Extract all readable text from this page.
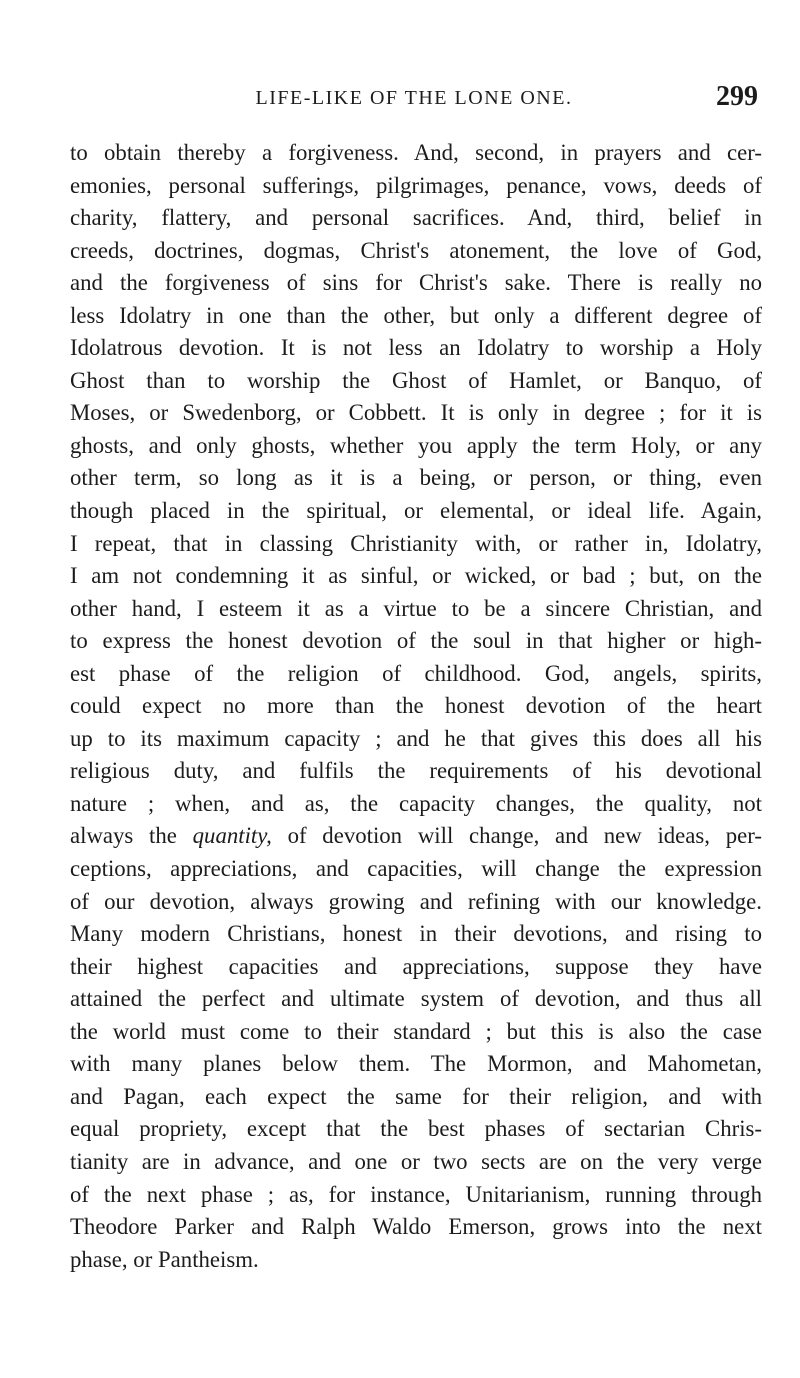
LIFE-LIKE OF THE LONE ONE.	299
to obtain thereby a forgiveness. And, second, in prayers and cer-
emonies, personal sufferings, pilgrimages, penance, vows, deeds of
charity, flattery, and personal sacrifices. And, third, belief in
creeds, doctrines, dogmas, Christ's atonement, the love of God,
and the forgiveness of sins for Christ's sake. There is really no
less Idolatry in one than the other, but only a different degree of
Idolatrous devotion. It is not less an Idolatry to worship a Holy
Ghost than to worship the Ghost of Hamlet, or Banquo, of
Moses, or Swedenborg, or Cobbett. It is only in degree ; for it is
ghosts, and only ghosts, whether you apply the term Holy, or any
other term, so long as it is a being, or person, or thing, even
though placed in the spiritual, or elemental, or ideal life. Again,
I repeat, that in classing Christianity with, or rather in, Idolatry,
I am not condemning it as sinful, or wicked, or bad ; but, on the
other hand, I esteem it as a virtue to be a sincere Christian, and
to express the honest devotion of the soul in that higher or high-
est phase of the religion of childhood. God, angels, spirits,
could expect no more than the honest devotion of the heart
up to its maximum capacity ; and he that gives this does all his
religious duty, and fulfils the requirements of his devotional
nature ; when, and as, the capacity changes, the quality, not
always the quantity, of devotion will change, and new ideas, per-
ceptions, appreciations, and capacities, will change the expression
of our devotion, always growing and refining with our knowledge.
Many modern Christians, honest in their devotions, and rising to
their highest capacities and appreciations, suppose they have
attained the perfect and ultimate system of devotion, and thus all
the world must come to their standard ; but this is also the case
with many planes below them. The Mormon, and Mahometan,
and Pagan, each expect the same for their religion, and with
equal propriety, except that the best phases of sectarian Chris-
tianity are in advance, and one or two sects are on the very verge
of the next phase ; as, for instance, Unitarianism, running through
Theodore Parker and Ralph Waldo Emerson, grows into the next
phase, or Pantheism.
